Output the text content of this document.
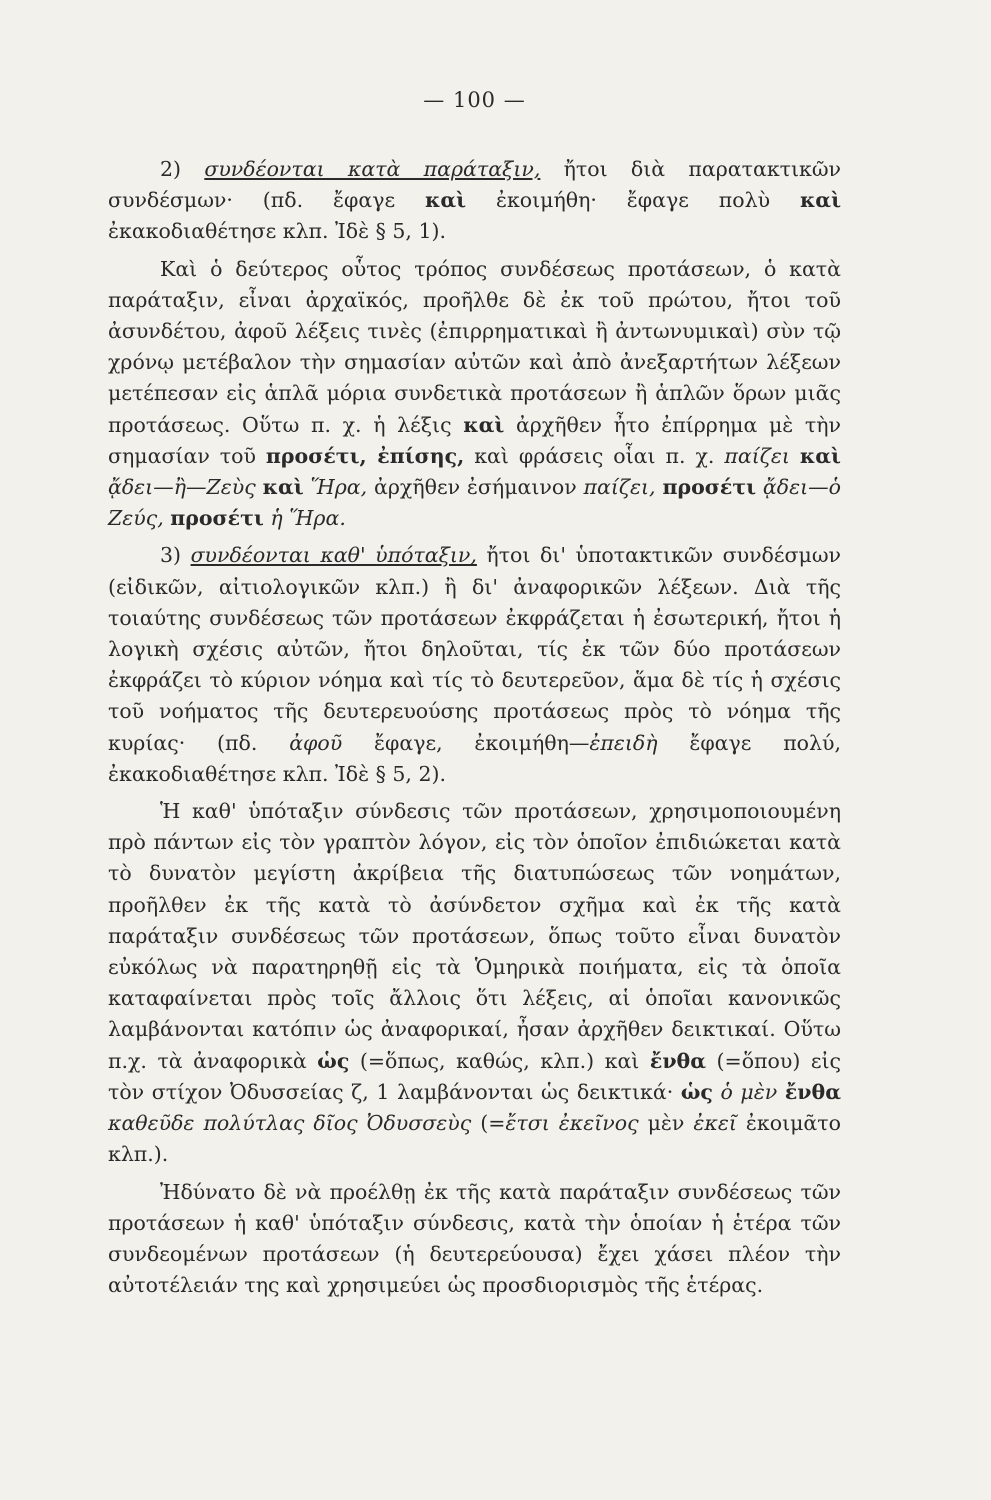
— 100 —

2) συνδέονται κατὰ παράταξιν, ἤτοι διὰ παρατακτικῶν συνδέσμων· (πδ. ἔφαγε καὶ ἐκοιμήθη· ἔφαγε πολὺ καὶ ἐκακοδιαθέτησε κλπ. Ἰδὲ § 5, 1).

Καὶ ὁ δεύτερος οὗτος τρόπος συνδέσεως προτάσεων, ὁ κατὰ παράταξιν, εἶναι ἀρχαϊκός, προῆλθε δὲ ἐκ τοῦ πρώτου, ἤτοι τοῦ ἀσυνδέτου, ἀφοῦ λέξεις τινὲς (ἐπιρρηματικαὶ ἢ ἀντωνυμικαὶ) σὺν τῷ χρόνῳ μετέβαλον τὴν σημασίαν αὐτῶν καὶ ἀπὸ ἀνεξαρτήτων λέξεων μετέπεσαν εἰς ἁπλᾶ μόρια συνδετικὰ προτάσεων ἢ ἁπλῶν ὅρων μιᾶς προτάσεως. Οὕτω π. χ. ἡ λέξις καὶ ἀρχῆθεν ἦτο ἐπίρρημα μὲ τὴν σημασίαν τοῦ προσέτι, ἐπίσης, καὶ φράσεις οἷαι π. χ. παίζει καὶ ᾄδει—ἢ—Ζεὺς καὶ Ἥρα, ἀρχῆθεν ἐσήμαινον παίζει, προσέτι ᾄδει—ὁ Ζεύς, προσέτι ἡ Ἥρα.

3) συνδέονται καθ' ὑπόταξιν, ἤτοι δι' ὑποτακτικῶν συνδέσμων (εἰδικῶν, αἰτιολογικῶν κλπ.) ἢ δι' ἀναφορικῶν λέξεων. Διὰ τῆς τοιαύτης συνδέσεως τῶν προτάσεων ἐκφράζεται ἡ ἐσωτερική, ἤτοι ἡ λογικὴ σχέσις αὐτῶν, ἤτοι δηλοῦται, τίς ἐκ τῶν δύο προτάσεων ἐκφράζει τὸ κύριον νόημα καὶ τίς τὸ δευτερεῦον, ἅμα δὲ τίς ἡ σχέσις τοῦ νοήματος τῆς δευτερευούσης προτάσεως πρὸς τὸ νόημα τῆς κυρίας· (πδ. ἀφοῦ ἔφαγε, ἐκοιμήθη—ἐπειδὴ ἔφαγε πολύ, ἐκακοδιαθέτησε κλπ. Ἰδὲ § 5, 2).

Ἡ καθ' ὑπόταξιν σύνδεσις τῶν προτάσεων, χρησιμοποιουμένη πρὸ πάντων εἰς τὸν γραπτὸν λόγον, εἰς τὸν ὁποῖον ἐπιδιώκεται κατὰ τὸ δυνατὸν μεγίστη ἀκρίβεια τῆς διατυπώσεως τῶν νοημάτων, προῆλθεν ἐκ τῆς κατὰ τὸ ἀσύνδετον σχῆμα καὶ ἐκ τῆς κατὰ παράταξιν συνδέσεως τῶν προτάσεων, ὅπως τοῦτο εἶναι δυνατὸν εὐκόλως νὰ παρατηρηθῇ εἰς τὰ Ὁμηρικὰ ποιήματα, εἰς τὰ ὁποῖα καταφαίνεται πρὸς τοῖς ἄλλοις ὅτι λέξεις, αἱ ὁποῖαι κανονικῶς λαμβάνονται κατόπιν ὡς ἀναφορικαί, ἦσαν ἀρχῆθεν δεικτικαί. Οὕτω π.χ. τὰ ἀναφορικὰ ὡς (=ὅπως, καθώς, κλπ.) καὶ ἔνθα (=ὅπου) εἰς τὸν στίχον Ὀδυσσείας ζ, 1 λαμβάνονται ὡς δεικτικά· ὡς ὁ μὲν ἔνθα καθεῦδε πολύτλας δῖος Ὀδυσσεὺς (=ἔτσι ἐκεῖνος μὲν ἐκεῖ ἐκοιμᾶτο κλπ.).

Ἠδύνατο δὲ νὰ προέλθῃ ἐκ τῆς κατὰ παράταξιν συνδέσεως τῶν προτάσεων ἡ καθ' ὑπόταξιν σύνδεσις, κατὰ τὴν ὁποίαν ἡ ἑτέρα τῶν συνδεομένων προτάσεων (ἡ δευτερεύουσα) ἔχει χάσει πλέον τὴν αὐτοτέλειάν της καὶ χρησιμεύει ὡς προσδιορισμὸς τῆς ἑτέρας.
